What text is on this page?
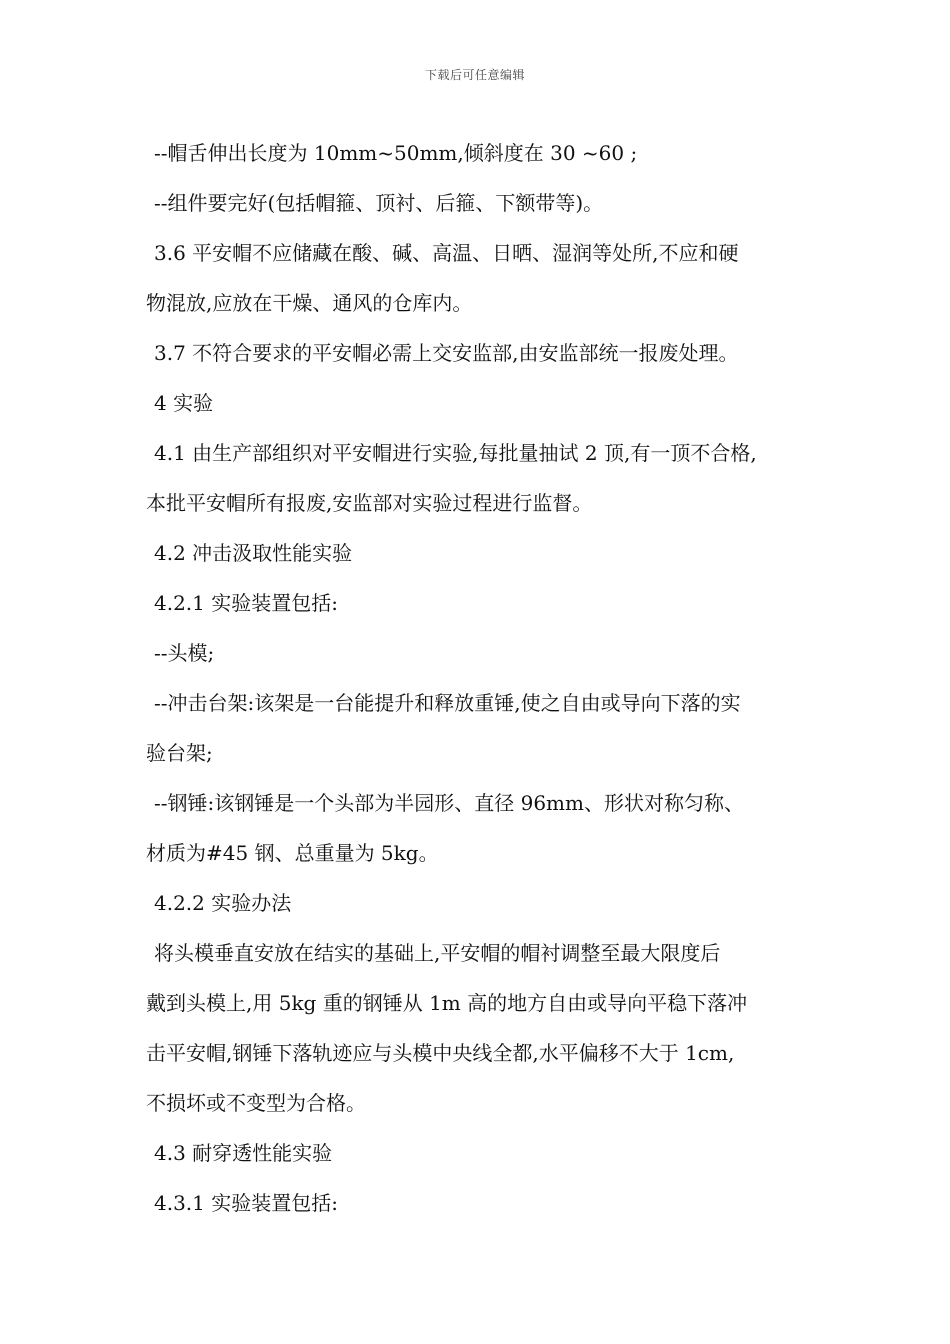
下载后可任意编辑
--帽舌伸出长度为 10mm~50mm,倾斜度在 30 ~60 ;
--组件要完好(包括帽箍、顶衬、后箍、下额带等)。
3.6 平安帽不应储藏在酸、碱、高温、日晒、湿润等处所,不应和硬
物混放,应放在干燥、通风的仓库内。
3.7 不符合要求的平安帽必需上交安监部,由安监部统一报废处理。
4 实验
4.1 由生产部组织对平安帽进行实验,每批量抽试 2 顶,有一顶不合格,
本批平安帽所有报废,安监部对实验过程进行监督。
4.2 冲击汲取性能实验
4.2.1 实验装置包括:
--头模;
--冲击台架:该架是一台能提升和释放重锤,使之自由或导向下落的实
验台架;
--钢锤:该钢锤是一个头部为半园形、直径 96mm、形状对称匀称、
材质为#45 钢、总重量为 5kg。
4.2.2 实验办法
将头模垂直安放在结实的基础上,平安帽的帽衬调整至最大限度后
戴到头模上,用 5kg 重的钢锤从 1m 高的地方自由或导向平稳下落冲
击平安帽,钢锤下落轨迹应与头模中央线全都,水平偏移不大于 1cm,
不损坏或不变型为合格。
4.3 耐穿透性能实验
4.3.1 实验装置包括:
